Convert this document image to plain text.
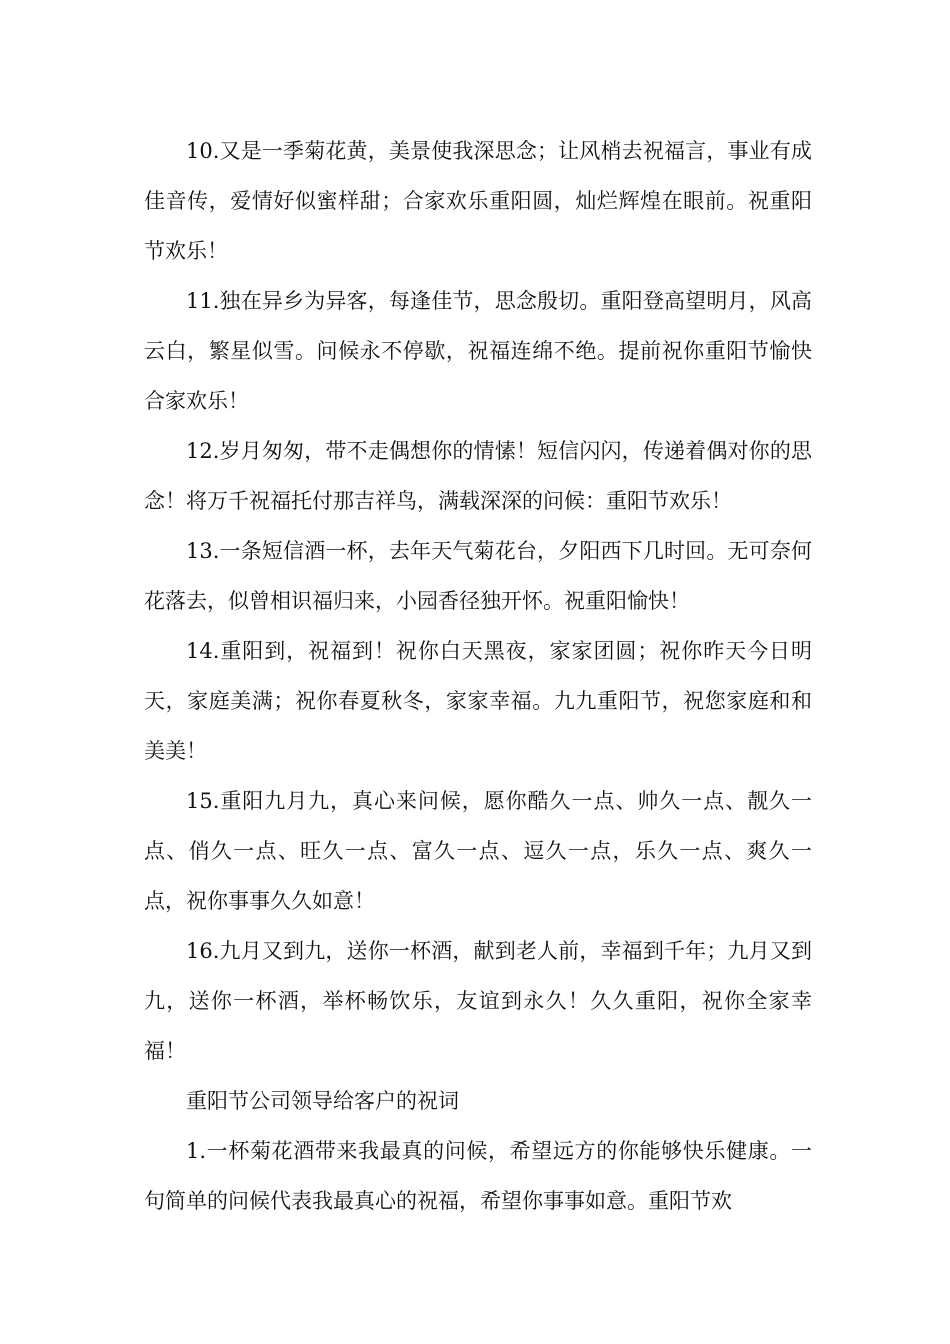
10.又是一季菊花黄，美景使我深思念；让风梢去祝福言，事业有成佳音传，爱情好似蜜样甜；合家欢乐重阳圆，灿烂辉煌在眼前。祝重阳节欢乐！

11.独在异乡为异客，每逢佳节，思念殷切。重阳登高望明月，风高云白，繁星似雪。问候永不停歇，祝福连绵不绝。提前祝你重阳节愉快合家欢乐！

12.岁月匆匆，带不走偶想你的情愫！短信闪闪，传递着偶对你的思念！将万千祝福托付那吉祥鸟，满载深深的问候：重阳节欢乐！

13.一条短信酒一杯，去年天气菊花台，夕阳西下几时回。无可奈何花落去，似曾相识福归来，小园香径独开怀。祝重阳愉快！

14.重阳到，祝福到！祝你白天黑夜，家家团圆；祝你昨天今日明天，家庭美满；祝你春夏秋冬，家家幸福。九九重阳节，祝您家庭和和美美！

15.重阳九月九，真心来问候，愿你酷久一点、帅久一点、靓久一点、俏久一点、旺久一点、富久一点、逗久一点，乐久一点、爽久一点，祝你事事久久如意！

16.九月又到九，送你一杯酒，献到老人前，幸福到千年；九月又到九，送你一杯酒，举杯畅饮乐，友谊到永久！久久重阳，祝你全家幸福！

重阳节公司领导给客户的祝词

1.一杯菊花酒带来我最真的问候，希望远方的你能够快乐健康。一句简单的问候代表我最真心的祝福，希望你事事如意。重阳节欢
